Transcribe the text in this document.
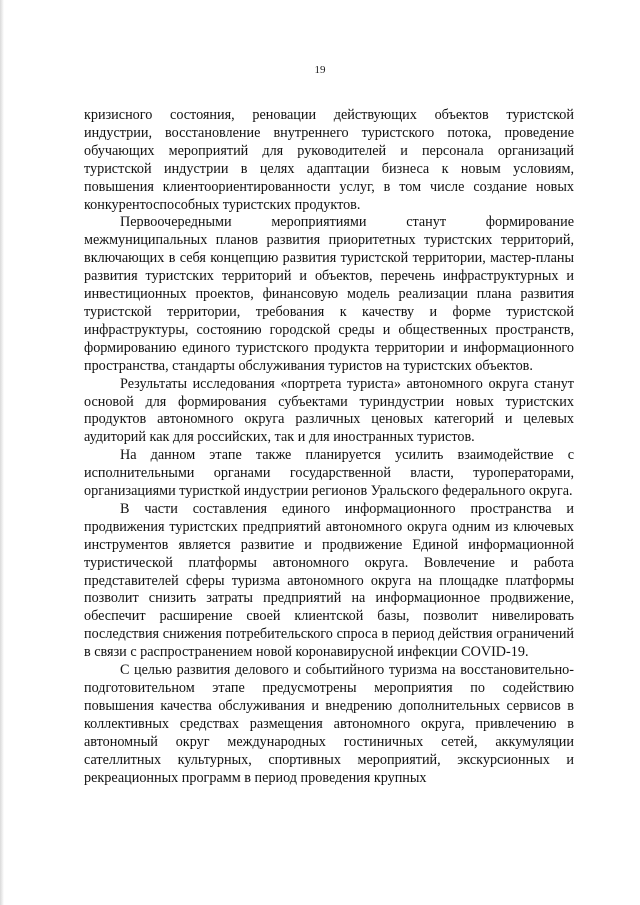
19

кризисного состояния, реновации действующих объектов туристской индустрии, восстановление внутреннего туристского потока, проведение обучающих мероприятий для руководителей и персонала организаций туристской индустрии в целях адаптации бизнеса к новым условиям, повышения клиентоориентированности услуг, в том числе создание новых конкурентоспособных туристских продуктов.

Первоочередными мероприятиями станут формирование межмуниципальных планов развития приоритетных туристских территорий, включающих в себя концепцию развития туристской территории, мастер-планы развития туристских территорий и объектов, перечень инфраструктурных и инвестиционных проектов, финансовую модель реализации плана развития туристской территории, требования к качеству и форме туристской инфраструктуры, состоянию городской среды и общественных пространств, формированию единого туристского продукта территории и информационного пространства, стандарты обслуживания туристов на туристских объектов.

Результаты исследования «портрета туриста» автономного округа станут основой для формирования субъектами туриндустрии новых туристских продуктов автономного округа различных ценовых категорий и целевых аудиторий как для российских, так и для иностранных туристов.

На данном этапе также планируется усилить взаимодействие с исполнительными органами государственной власти, туроператорами, организациями туристкой индустрии регионов Уральского федерального округа.

В части составления единого информационного пространства и продвижения туристских предприятий автономного округа одним из ключевых инструментов является развитие и продвижение Единой информационной туристической платформы автономного округа. Вовлечение и работа представителей сферы туризма автономного округа на площадке платформы позволит снизить затраты предприятий на информационное продвижение, обеспечит расширение своей клиентской базы, позволит нивелировать последствия снижения потребительского спроса в период действия ограничений в связи с распространением новой коронавирусной инфекции COVID-19.

С целью развития делового и событийного туризма на восстановительно-подготовительном этапе предусмотрены мероприятия по содействию повышения качества обслуживания и внедрению дополнительных сервисов в коллективных средствах размещения автономного округа, привлечению в автономный округ международных гостиничных сетей, аккумуляции сателлитных культурных, спортивных мероприятий, экскурсионных и рекреационных программ в период проведения крупных
